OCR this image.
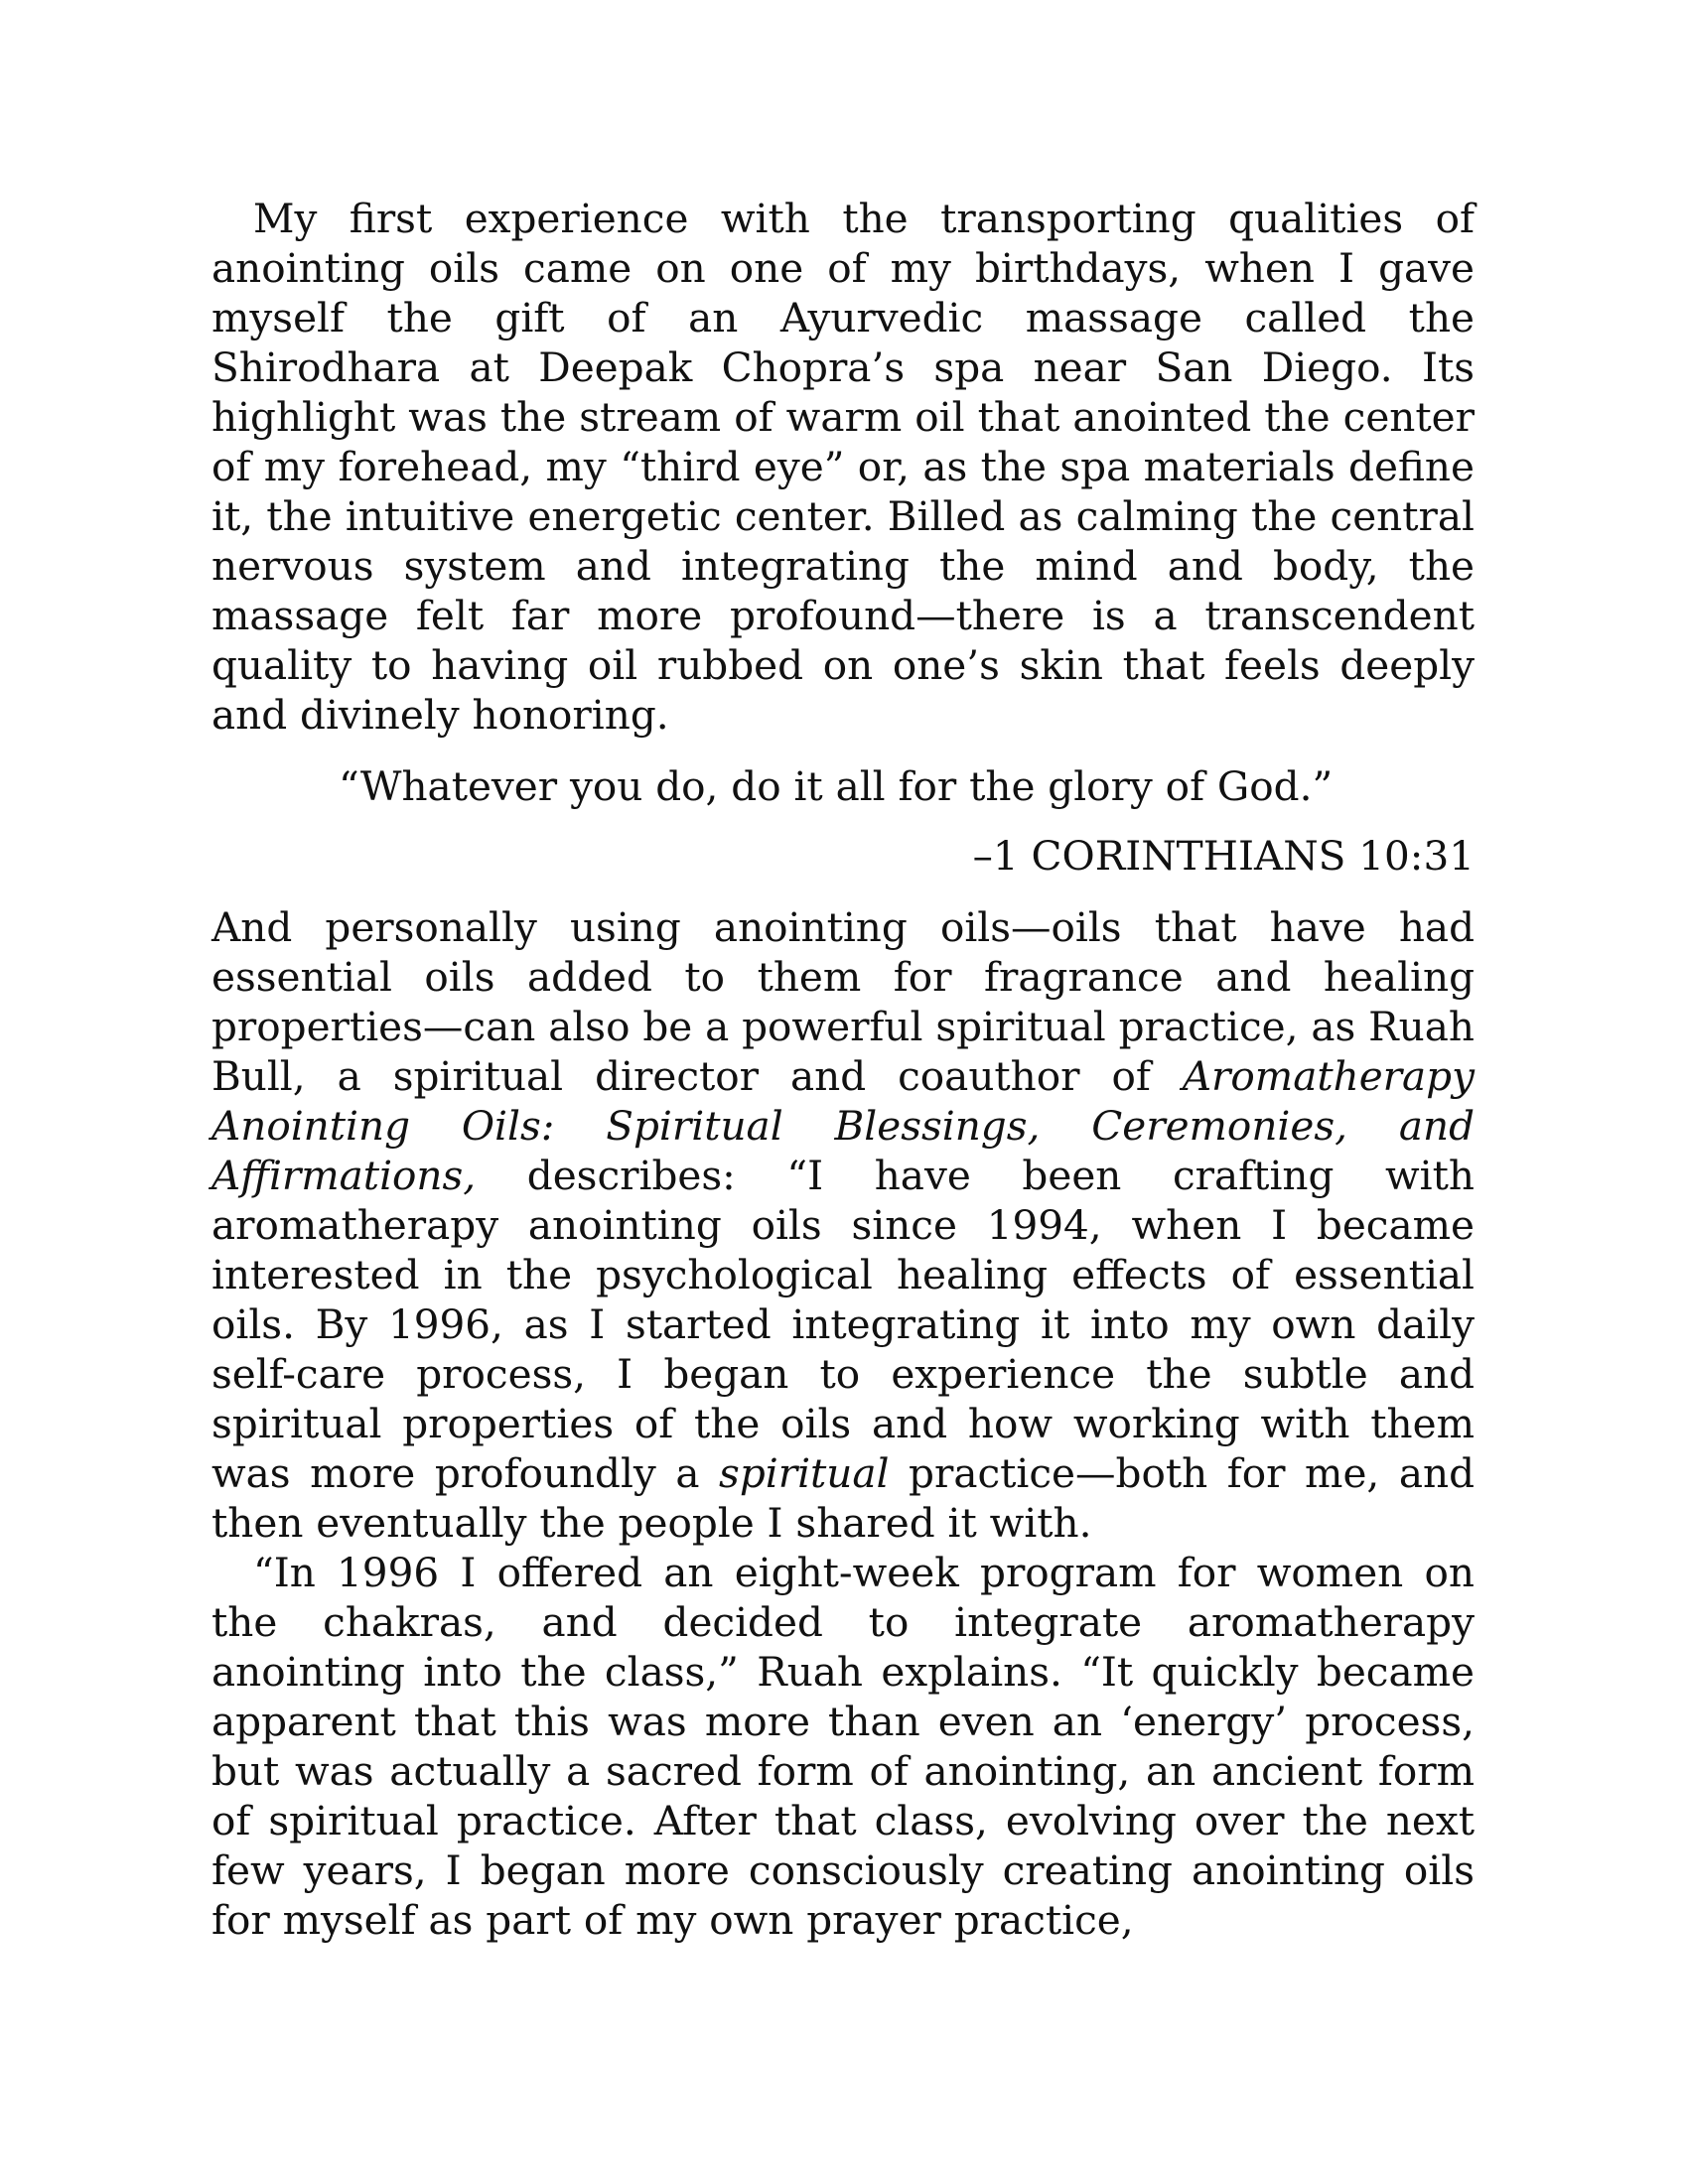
My first experience with the transporting qualities of anointing oils came on one of my birthdays, when I gave myself the gift of an Ayurvedic massage called the Shirodhara at Deepak Chopra’s spa near San Diego. Its highlight was the stream of warm oil that anointed the center of my forehead, my “third eye” or, as the spa materials define it, the intuitive energetic center. Billed as calming the central nervous system and integrating the mind and body, the massage felt far more profound—there is a transcendent quality to having oil rubbed on one’s skin that feels deeply and divinely honoring.

“Whatever you do, do it all for the glory of God.”

–1 CORINTHIANS 10:31

And personally using anointing oils—oils that have had essential oils added to them for fragrance and healing properties—can also be a powerful spiritual practice, as Ruah Bull, a spiritual director and coauthor of Aromatherapy Anointing Oils: Spiritual Blessings, Ceremonies, and Affirmations, describes: “I have been crafting with aromatherapy anointing oils since 1994, when I became interested in the psychological healing effects of essential oils. By 1996, as I started integrating it into my own daily self-care process, I began to experience the subtle and spiritual properties of the oils and how working with them was more profoundly a spiritual practice—both for me, and then eventually the people I shared it with.

“In 1996 I offered an eight-week program for women on the chakras, and decided to integrate aromatherapy anointing into the class,” Ruah explains. “It quickly became apparent that this was more than even an ‘energy’ process, but was actually a sacred form of anointing, an ancient form of spiritual practice. After that class, evolving over the next few years, I began more consciously creating anointing oils for myself as part of my own prayer practice,
